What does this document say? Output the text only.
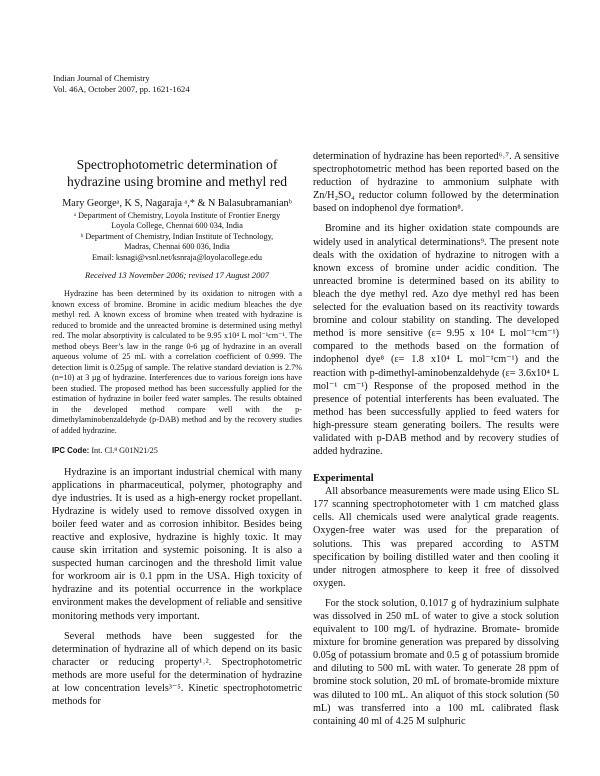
Indian Journal of Chemistry
Vol. 46A, October 2007, pp. 1621-1624
Spectrophotometric determination of
hydrazine using bromine and methyl red
Mary Georgeᵃ, K S, Nagaraja ᵃ,* & N Balasubramanianᵇ
ᵃ Department of Chemistry, Loyola Institute of Frontier Energy
Loyola College, Chennai 600 034, India
ᵇ Department of Chemistry, Indian Institute of Technology,
Madras, Chennai 600 036, India
Email: ksnagi@vsnl.net/ksnraja@loyolacollege.edu
Received 13 November 2006; revised 17 August 2007

Hydrazine has been determined by its oxidation to nitrogen with a known excess of bromine. Bromine in acidic medium bleaches the dye methyl red. A known excess of bromine when treated with hydrazine is reduced to bromide and the unreacted bromine is determined using methyl red. The molar absorptivity is calculated to be 9.95 x10⁴ L mol⁻¹cm⁻¹. The method obeys Beer’s law in the range 0-6 µg of hydrazine in an overall aqueous volume of 25 mL with a correlation coefficient of 0.999. The detection limit is 0.25µg of sample. The relative standard deviation is 2.7% (n=10) at 3 µg of hydrazine. Interferences due to various foreign ions have been studied. The proposed method has been successfully applied for the estimation of hydrazine in boiler feed water samples. The results obtained in the developed method compare well with the p-dimethylaminobenzaldehyde (p-DAB) method and by the recovery studies of added hydrazine.

IPC Code: Int. Cl.⁸ G01N21/25

Hydrazine is an important industrial chemical with many applications in pharmaceutical, polymer, photography and dye industries. It is used as a high-energy rocket propellant. Hydrazine is widely used to remove dissolved oxygen in boiler feed water and as corrosion inhibitor. Besides being reactive and explosive, hydrazine is highly toxic. It may cause skin irritation and systemic poisoning. It is also a suspected human carcinogen and the threshold limit value for workroom air is 0.1 ppm in the USA. High toxicity of hydrazine and its potential occurrence in the workplace environment makes the development of reliable and sensitive monitoring methods very important.

Several methods have been suggested for the determination of hydrazine all of which depend on its basic character or reducing property¹˒². Spectrophotometric methods are more useful for the determination of hydrazine at low concentration levels³⁻⁵. Kinetic spectrophotometric methods for

determination of hydrazine has been reported⁶˒⁷. A sensitive spectrophotometric method has been reported based on the reduction of hydrazine to ammonium sulphate with Zn/H₂SO₄ reductor column followed by the determination based on indophenol dye formation⁸.

Bromine and its higher oxidation state compounds are widely used in analytical determinations⁹. The present note deals with the oxidation of hydrazine to nitrogen with a known excess of bromine under acidic condition. The unreacted bromine is determined based on its ability to bleach the dye methyl red. Azo dye methyl red has been selected for the evaluation based on its reactivity towards bromine and colour stability on standing. The developed method is more sensitive (ε= 9.95 x 10⁴ L mol⁻¹cm⁻¹) compared to the methods based on the formation of indophenol dye⁸ (ε= 1.8 x10⁴ L mol⁻¹cm⁻¹) and the reaction with p-dimethyl-aminobenzaldehyde (ε= 3.6x10⁴ L mol⁻¹ cm⁻¹) Response of the proposed method in the presence of potential interferents has been evaluated. The method has been successfully applied to feed waters for high-pressure steam generating boilers. The results were validated with p-DAB method and by recovery studies of added hydrazine.

Experimental

All absorbance measurements were made using Elico SL 177 scanning spectrophotometer with 1 cm matched glass cells. All chemicals used were analytical grade reagents. Oxygen-free water was used for the preparation of solutions. This was prepared according to ASTM specification by boiling distilled water and then cooling it under nitrogen atmosphere to keep it free of dissolved oxygen.

For the stock solution, 0.1017 g of hydrazinium sulphate was dissolved in 250 mL of water to give a stock solution equivalent to 100 mg/L of hydrazine. Bromate- bromide mixture for bromine generation was prepared by dissolving 0.05g of potassium bromate and 0.5 g of potassium bromide and diluting to 500 mL with water. To generate 28 ppm of bromine stock solution, 20 mL of bromate-bromide mixture was diluted to 100 mL. An aliquot of this stock solution (50 mL) was transferred into a 100 mL calibrated flask containing 40 ml of 4.25 M sulphuric
